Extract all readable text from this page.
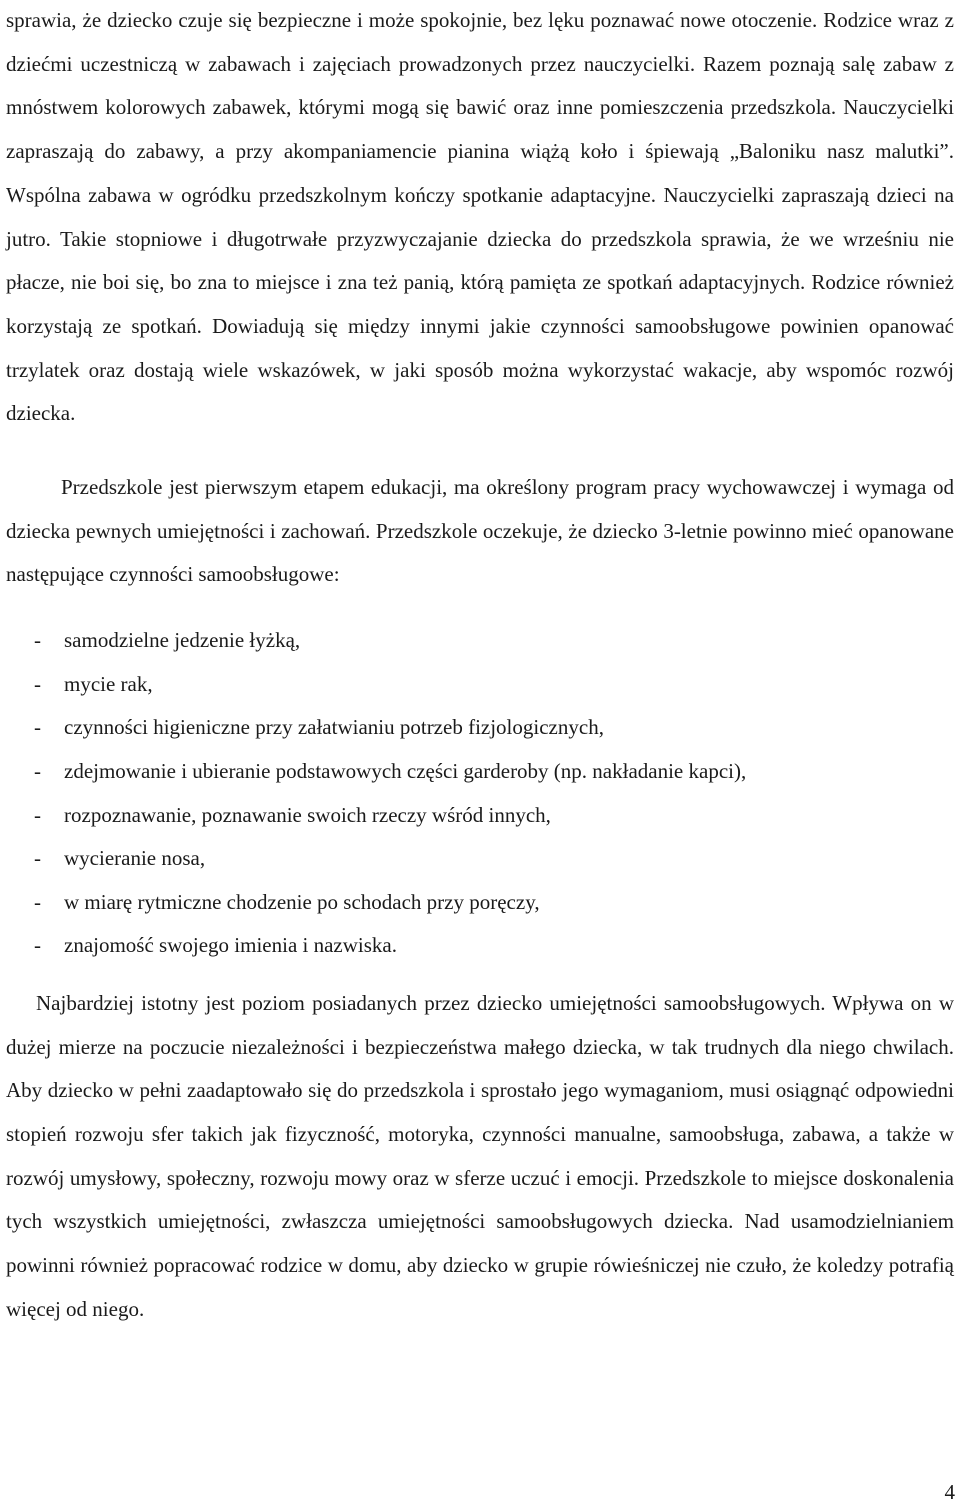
sprawia, że dziecko czuje się bezpieczne i może spokojnie, bez lęku poznawać nowe otoczenie. Rodzice wraz z dziećmi uczestniczą w zabawach i zajęciach prowadzonych przez nauczycielki. Razem poznają salę zabaw z mnóstwem kolorowych zabawek, którymi mogą się bawić oraz inne pomieszczenia przedszkola. Nauczycielki zapraszają do zabawy, a przy akompaniamencie pianina wiążą koło i śpiewają „Baloniku nasz malutki”. Wspólna zabawa w ogródku przedszkolnym kończy spotkanie adaptacyjne. Nauczycielki zapraszają dzieci na jutro. Takie stopniowe i długotrwałe przyzwyczajanie dziecka do przedszkola sprawia, że we wrześniu nie płacze, nie boi się, bo zna to miejsce i zna też panią, którą pamięta ze spotkań adaptacyjnych. Rodzice również korzystają ze spotkań. Dowiadują się między innymi jakie czynności samoobsługowe powinien opanować trzylatek oraz dostają wiele wskazówek, w jaki sposób można wykorzystać wakacje, aby wspomóc rozwój dziecka.

Przedszkole jest pierwszym etapem edukacji, ma określony program pracy wychowawczej i wymaga od dziecka pewnych umiejętności i zachowań. Przedszkole oczekuje, że dziecko 3-letnie powinno mieć opanowane następujące czynności samoobsługowe:

-	samodzielne jedzenie łyżką,
-	mycie rak,
-	czynności higieniczne przy załatwianiu potrzeb fizjologicznych,
-	zdejmowanie i ubieranie podstawowych części garderoby (np. nakładanie kapci),
-	rozpoznawanie, poznawanie swoich rzeczy wśród innych,
-	wycieranie nosa,
-	w miarę rytmiczne chodzenie po schodach przy poręczy,
-	znajomość swojego imienia i nazwiska.

Najbardziej istotny jest poziom posiadanych przez dziecko umiejętności samoobsługowych. Wpływa on w dużej mierze na poczucie niezależności i bezpieczeństwa małego dziecka, w tak trudnych dla niego chwilach. Aby dziecko w pełni zaadaptowało się do przedszkola i sprostało jego wymaganiom, musi osiągnąć odpowiedni stopień rozwoju sfer takich jak fizyczność, motoryka, czynności manualne, samoobsługa, zabawa, a także w rozwój umysłowy, społeczny, rozwoju mowy oraz w sferze uczuć i emocji. Przedszkole to miejsce doskonalenia tych wszystkich umiejętności, zwłaszcza umiejętności samoobsługowych dziecka. Nad usamodzielnianiem powinni również popracować rodzice w domu, aby dziecko w grupie rówieśniczej nie czuło, że koledzy potrafią więcej od niego.

4
